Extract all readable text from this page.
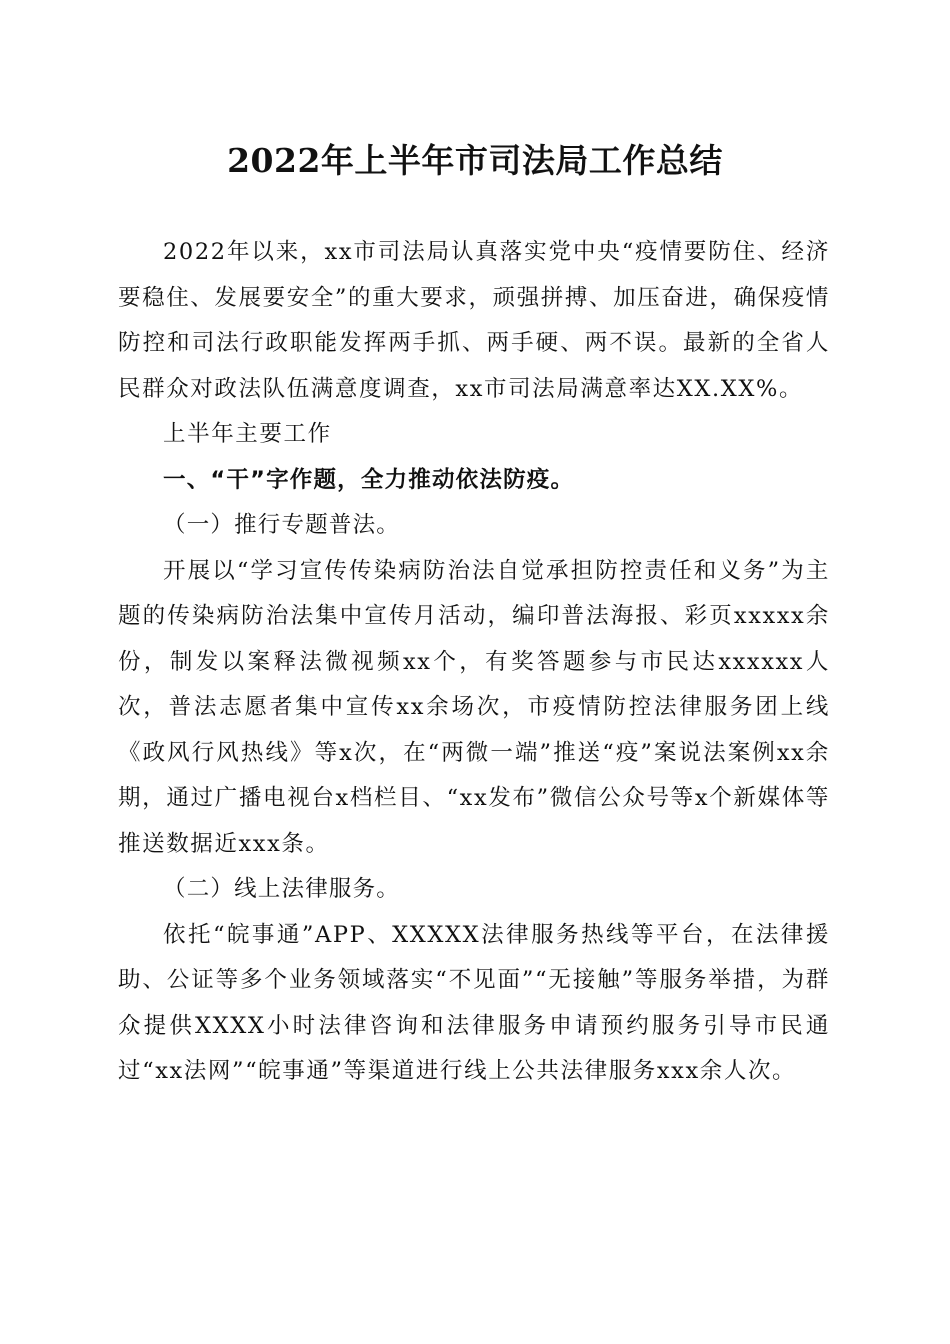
2022年上半年市司法局工作总结

2022年以来，xx市司法局认真落实党中央“疫情要防住、经济要稳住、发展要安全”的重大要求，顽强拼搏、加压奋进，确保疫情防控和司法行政职能发挥两手抓、两手硬、两不误。最新的全省人民群众对政法队伍满意度调查，xx市司法局满意率达XX.XX%。

上半年主要工作

一、“干”字作题，全力推动依法防疫。

（一）推行专题普法。

开展以“学习宣传传染病防治法自觉承担防控责任和义务”为主题的传染病防治法集中宣传月活动，编印普法海报、彩页xxxxx余份，制发以案释法微视频xx个，有奖答题参与市民达xxxxxx人次，普法志愿者集中宣传xx余场次，市疫情防控法律服务团上线《政风行风热线》等x次，在“两微一端”推送“疫”案说法案例xx余期，通过广播电视台x档栏目、“xx发布”微信公众号等x个新媒体等推送数据近xxx条。

（二）线上法律服务。

依托“皖事通”APP、XXXXX法律服务热线等平台，在法律援助、公证等多个业务领域落实“不见面”“无接触”等服务举措，为群众提供XXXX小时法律咨询和法律服务申请预约服务引导市民通过“xx法网”“皖事通”等渠道进行线上公共法律服务xxx余人次。
